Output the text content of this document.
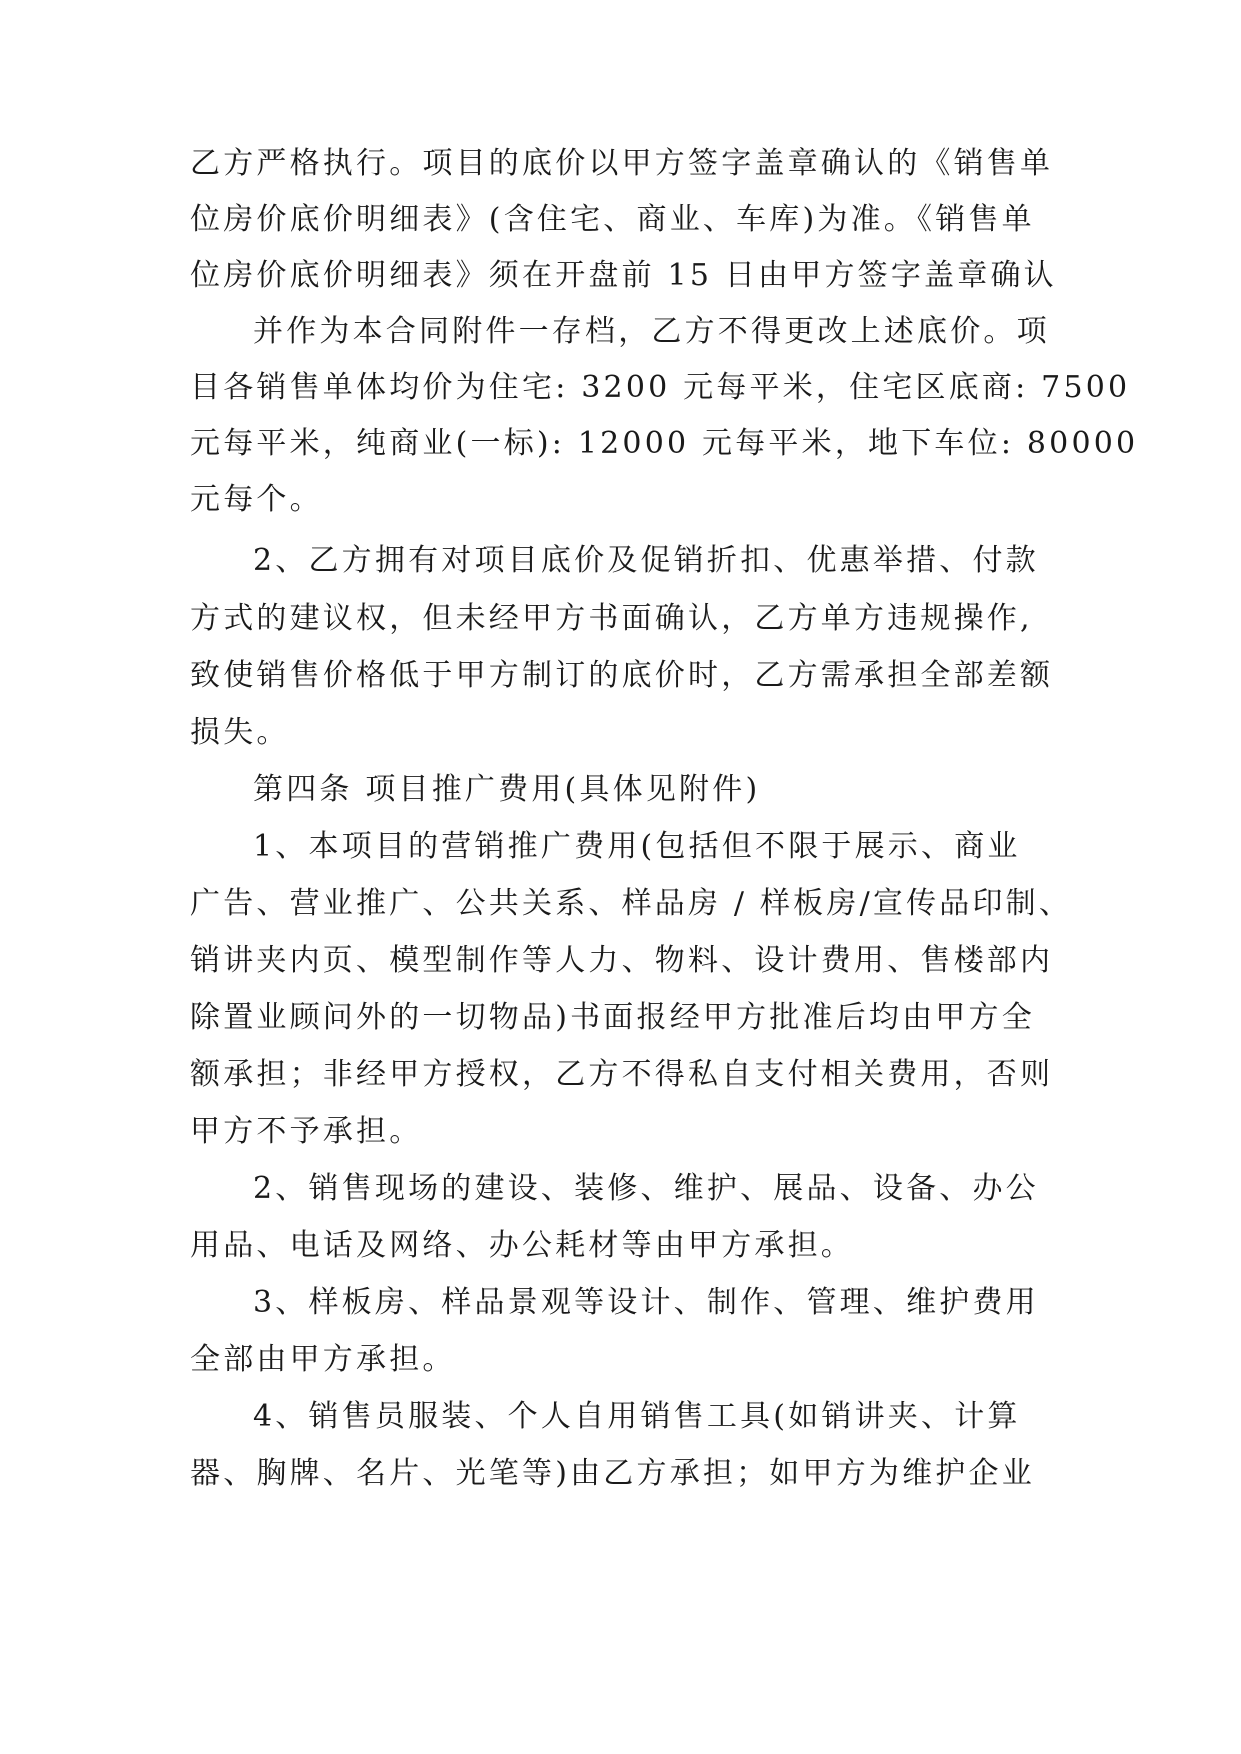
乙方严格执行。项目的底价以甲方签字盖章确认的《销售单
位房价底价明细表》(含住宅、商业、车库)为准。《销售单
位房价底价明细表》须在开盘前 15 日由甲方签字盖章确认
并作为本合同附件一存档，乙方不得更改上述底价。项
目各销售单体均价为住宅: 3200 元每平米，住宅区底商: 7500
元每平米，纯商业(一标): 12000 元每平米，地下车位: 80000
元每个。
2、乙方拥有对项目底价及促销折扣、优惠举措、付款
方式的建议权，但未经甲方书面确认，乙方单方违规操作,
致使销售价格低于甲方制订的底价时，乙方需承担全部差额
损失。
第四条 项目推广费用(具体见附件)
1、本项目的营销推广费用(包括但不限于展示、商业
广告、营业推广、公共关系、样品房 / 样板房/宣传品印制、
销讲夹内页、模型制作等人力、物料、设计费用、售楼部内
除置业顾问外的一切物品)书面报经甲方批准后均由甲方全
额承担；非经甲方授权，乙方不得私自支付相关费用，否则
甲方不予承担。
2、销售现场的建设、装修、维护、展品、设备、办公
用品、电话及网络、办公耗材等由甲方承担。
3、样板房、样品景观等设计、制作、管理、维护费用
全部由甲方承担。
4、销售员服装、个人自用销售工具(如销讲夹、计算
器、胸牌、名片、光笔等)由乙方承担；如甲方为维护企业
